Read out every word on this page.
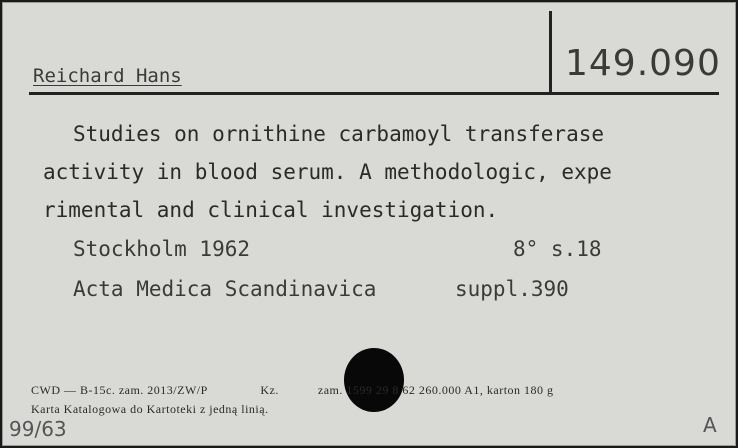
Reichard Hans	149.090
Studies on ornithine carbamoyl transferase
activity in blood serum. A methodologic, expe
rimental and clinical investigation.
Stockholm 1962	8° s.18
Acta Medica Scandinavica	suppl.390
CWD — B-15c. zam. 2013/ZW/P	Kz.	zam. 1599 29 8 62 260.000 A1, karton 180 g
Karta Katalogowa do Kartoteki z jedną linią.
99/63	A
